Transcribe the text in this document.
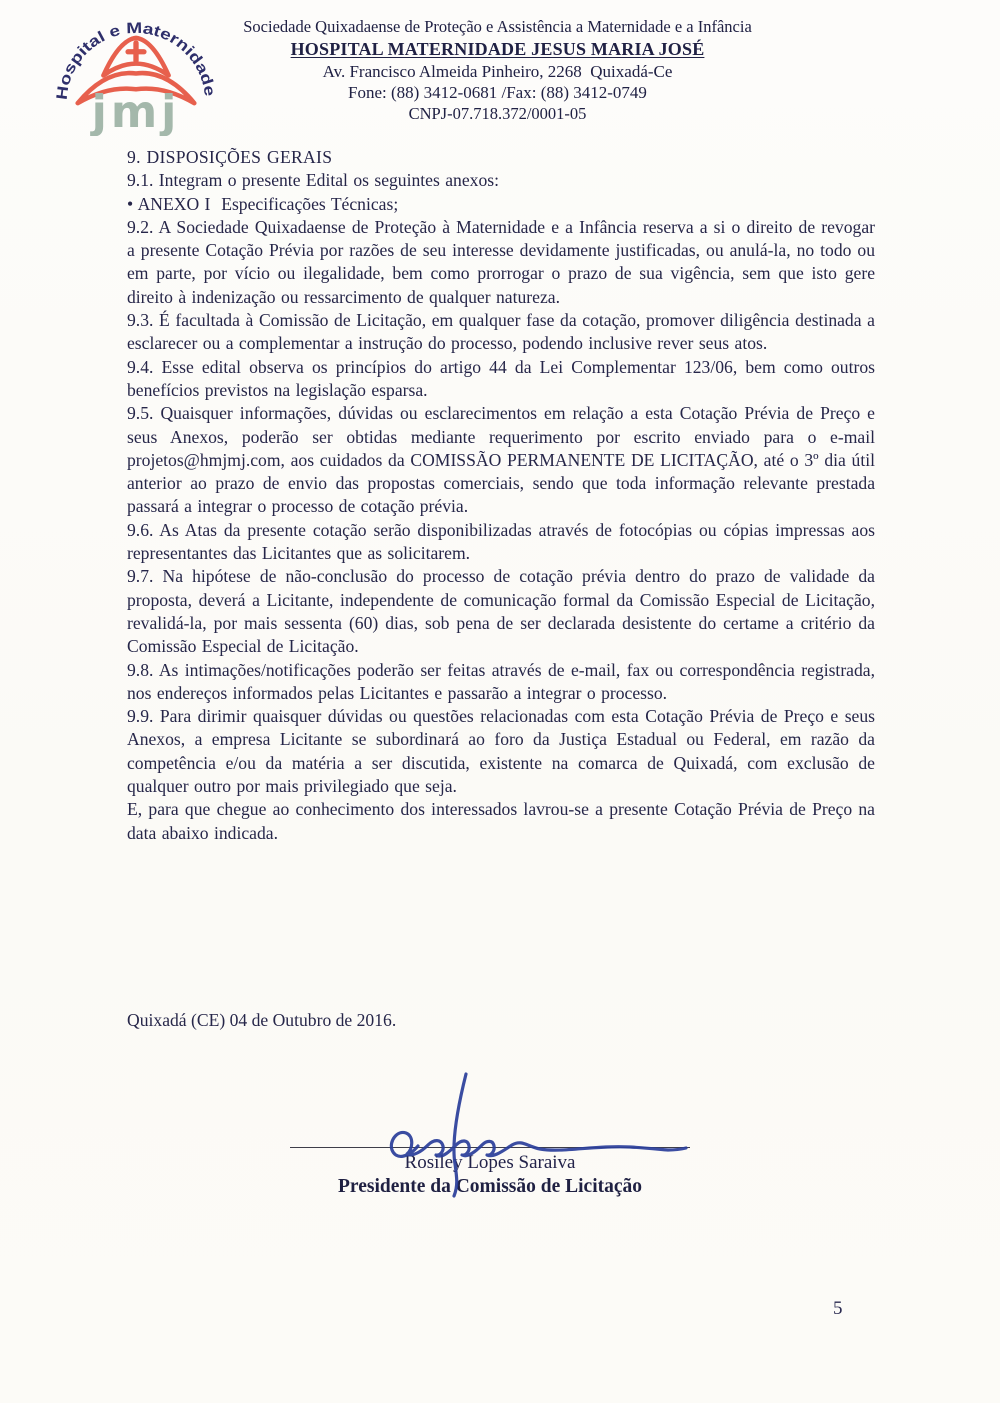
Hospital e Maternidade
jmj
Sociedade Quixadaense de Proteção e Assistência a Maternidade e a Infância
HOSPITAL MATERNIDADE JESUS MARIA JOSÉ
Av. Francisco Almeida Pinheiro, 2268  Quixadá-Ce
Fone: (88) 3412-0681 /Fax: (88) 3412-0749
CNPJ-07.718.372/0001-05

9. DISPOSIÇÕES GERAIS

9.1. Integram o presente Edital os seguintes anexos:

• ANEXO I  Especificações Técnicas;

9.2. A Sociedade Quixadaense de Proteção à Maternidade e a Infância reserva a si o direito de revogar a presente Cotação Prévia por razões de seu interesse devidamente justificadas, ou anulá-la, no todo ou em parte, por vício ou ilegalidade, bem como prorrogar o prazo de sua vigência, sem que isto gere direito à indenização ou ressarcimento de qualquer natureza.

9.3. É facultada à Comissão de Licitação, em qualquer fase da cotação, promover diligência destinada a esclarecer ou a complementar a instrução do processo, podendo inclusive rever seus atos.

9.4. Esse edital observa os princípios do artigo 44 da Lei Complementar 123/06, bem como outros benefícios previstos na legislação esparsa.

9.5. Quaisquer informações, dúvidas ou esclarecimentos em relação a esta Cotação Prévia de Preço e seus Anexos, poderão ser obtidas mediante requerimento por escrito enviado para o e-mail projetos@hmjmj.com, aos cuidados da COMISSÃO PERMANENTE DE LICITAÇÃO, até o 3º dia útil anterior ao prazo de envio das propostas comerciais, sendo que toda informação relevante prestada passará a integrar o processo de cotação prévia.

9.6. As Atas da presente cotação serão disponibilizadas através de fotocópias ou cópias impressas aos representantes das Licitantes que as solicitarem.

9.7. Na hipótese de não-conclusão do processo de cotação prévia dentro do prazo de validade da proposta, deverá a Licitante, independente de comunicação formal da Comissão Especial de Licitação, revalidá-la, por mais sessenta (60) dias, sob pena de ser declarada desistente do certame a critério da Comissão Especial de Licitação.

9.8. As intimações/notificações poderão ser feitas através de e-mail, fax ou correspondência registrada, nos endereços informados pelas Licitantes e passarão a integrar o processo.

9.9. Para dirimir quaisquer dúvidas ou questões relacionadas com esta Cotação Prévia de Preço e seus Anexos, a empresa Licitante se subordinará ao foro da Justiça Estadual ou Federal, em razão da competência e/ou da matéria a ser discutida, existente na comarca de Quixadá, com exclusão de qualquer outro por mais privilegiado que seja.

E, para que chegue ao conhecimento dos interessados lavrou-se a presente Cotação Prévia de Preço na data abaixo indicada.

Quixadá (CE) 04 de Outubro de 2016.

Rosiley Lopes Saraiva

Presidente da Comissão de Licitação

5
